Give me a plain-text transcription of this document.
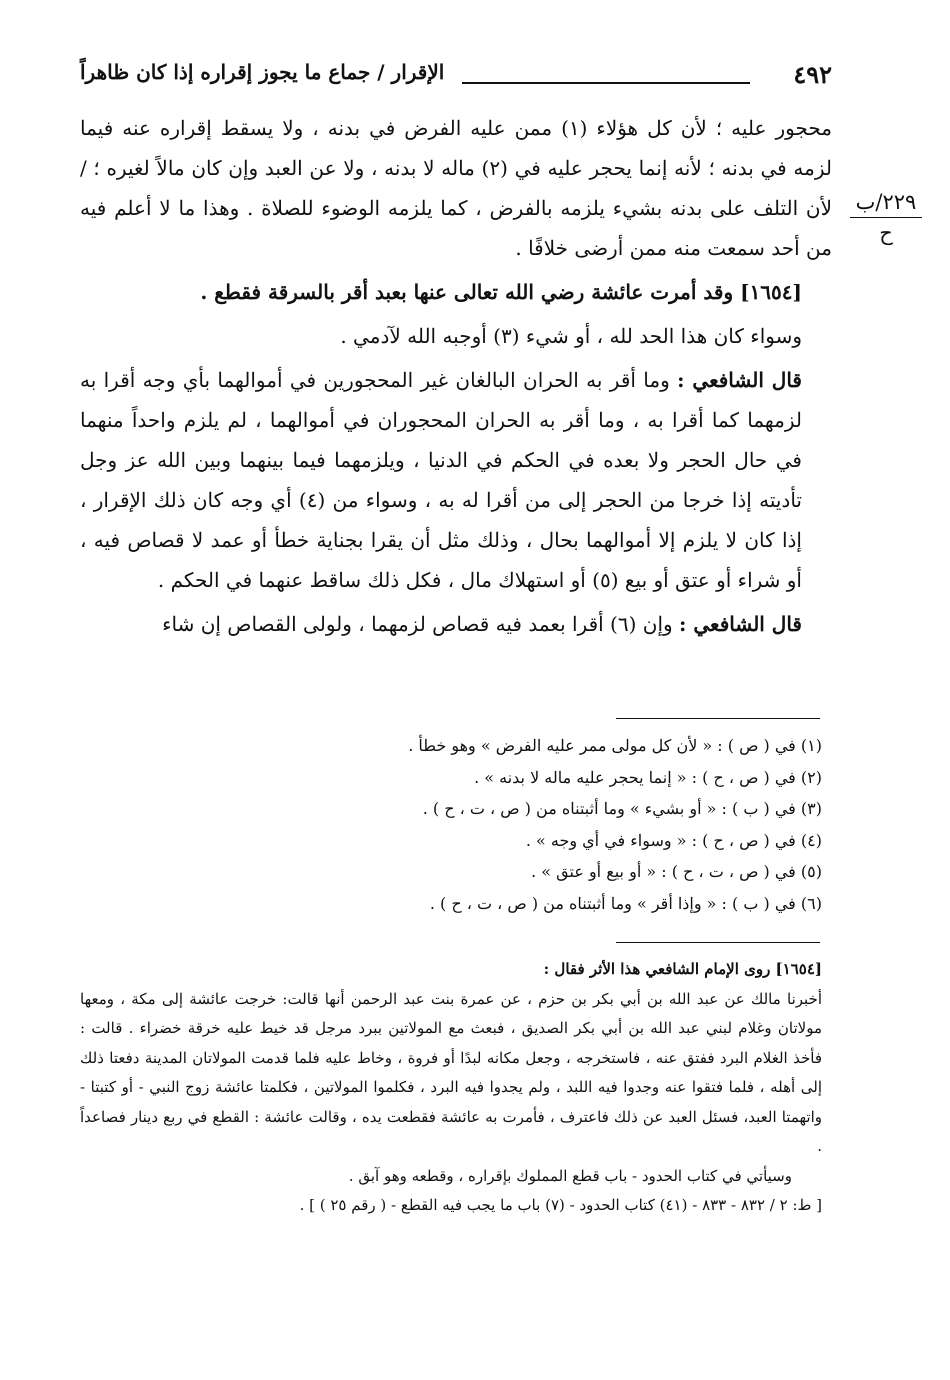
٤٩٢
الإقرار / جماع ما يجوز إقراره إذا كان ظاهراً
٢٢٩/ب
ح

محجور عليه ؛ لأن كل هؤلاء (١) ممن عليه الفرض في بدنه ، ولا يسقط إقراره عنه فيما لزمه في بدنه ؛ لأنه إنما يحجر عليه في (٢) ماله لا بدنه ، ولا عن العبد وإن كان مالاً لغيره ؛ /لأن التلف على بدنه بشيء يلزمه بالفرض ، كما يلزمه الوضوء للصلاة . وهذا ما لا أعلم فيه من أحد سمعت منه ممن أرضى خلافًا .

[١٦٥٤] وقد أمرت عائشة رضي الله تعالى عنها بعبد أقر بالسرقة فقطع .

وسواء كان هذا الحد لله ، أو شيء (٣) أوجبه الله لآدمي .

قال الشافعي : وما أقر به الحران البالغان غير المحجورين في أموالهما بأي وجه أقرا به لزمهما كما أقرا به ، وما أقر به الحران المحجوران في أموالهما ، لم يلزم واحداً منهما في حال الحجر ولا بعده في الحكم في الدنيا ، ويلزمهما فيما بينهما وبين الله عز وجل تأديته إذا خرجا من الحجر إلى من أقرا له به ، وسواء من (٤) أي وجه كان ذلك الإقرار ، إذا كان لا يلزم إلا أموالهما بحال ، وذلك مثل أن يقرا بجناية خطأ أو عمد لا قصاص فيه ، أو شراء أو عتق أو بيع (٥) أو استهلاك مال ، فكل ذلك ساقط عنهما في الحكم .

قال الشافعي : وإن (٦) أقرا بعمد فيه قصاص لزمهما ، ولولى القصاص إن شاء

(١) في ( ص ) : « لأن كل مولى ممر عليه الفرض » وهو خطأ .
(٢) في ( ص ، ح ) : « إنما يحجر عليه ماله لا بدنه » .
(٣) في ( ب ) : « أو بشيء » وما أثبتناه من ( ص ، ت ، ح ) .
(٤) في ( ص ، ح ) : « وسواء في أي وجه » .
(٥) في ( ص ، ت ، ح ) : « أو بيع أو عتق » .
(٦) في ( ب ) : « وإذا أقر » وما أثبتناه من ( ص ، ت ، ح ) .

[١٦٥٤] روى الإمام الشافعي هذا الأثر فقال :

أخبرنا مالك عن عبد الله بن أبي بكر بن حزم ، عن عمرة بنت عبد الرحمن أنها قالت: خرجت عائشة إلى مكة ، ومعها مولاتان وغلام لبني عبد الله بن أبي بكر الصديق ، فبعث مع المولاتين ببرد مرجل قد خيط عليه خرقة خضراء . قالت : فأخذ الغلام البرد ففتق عنه ، فاستخرجه ، وجعل مكانه لبدًا أو فروة ، وخاط عليه فلما قدمت المولاتان المدينة دفعتا ذلك إلى أهله ، فلما فتقوا عنه وجدوا فيه اللبد ، ولم يجدوا فيه البرد ، فكلموا المولاتين ، فكلمتا عائشة زوج النبي - أو كتبتا - واتهمتا العبد، فسئل العبد عن ذلك فاعترف ، فأمرت به عائشة فقطعت يده ، وقالت عائشة : القطع في ربع دينار فصاعداً .

وسيأتي في كتاب الحدود - باب قطع المملوك بإقراره ، وقطعه وهو آبق .

[ ط: ٢ / ٨٣٢ - ٨٣٣ - (٤١) كتاب الحدود - (٧) باب ما يجب فيه القطع - ( رقم ٢٥ ) ] .
